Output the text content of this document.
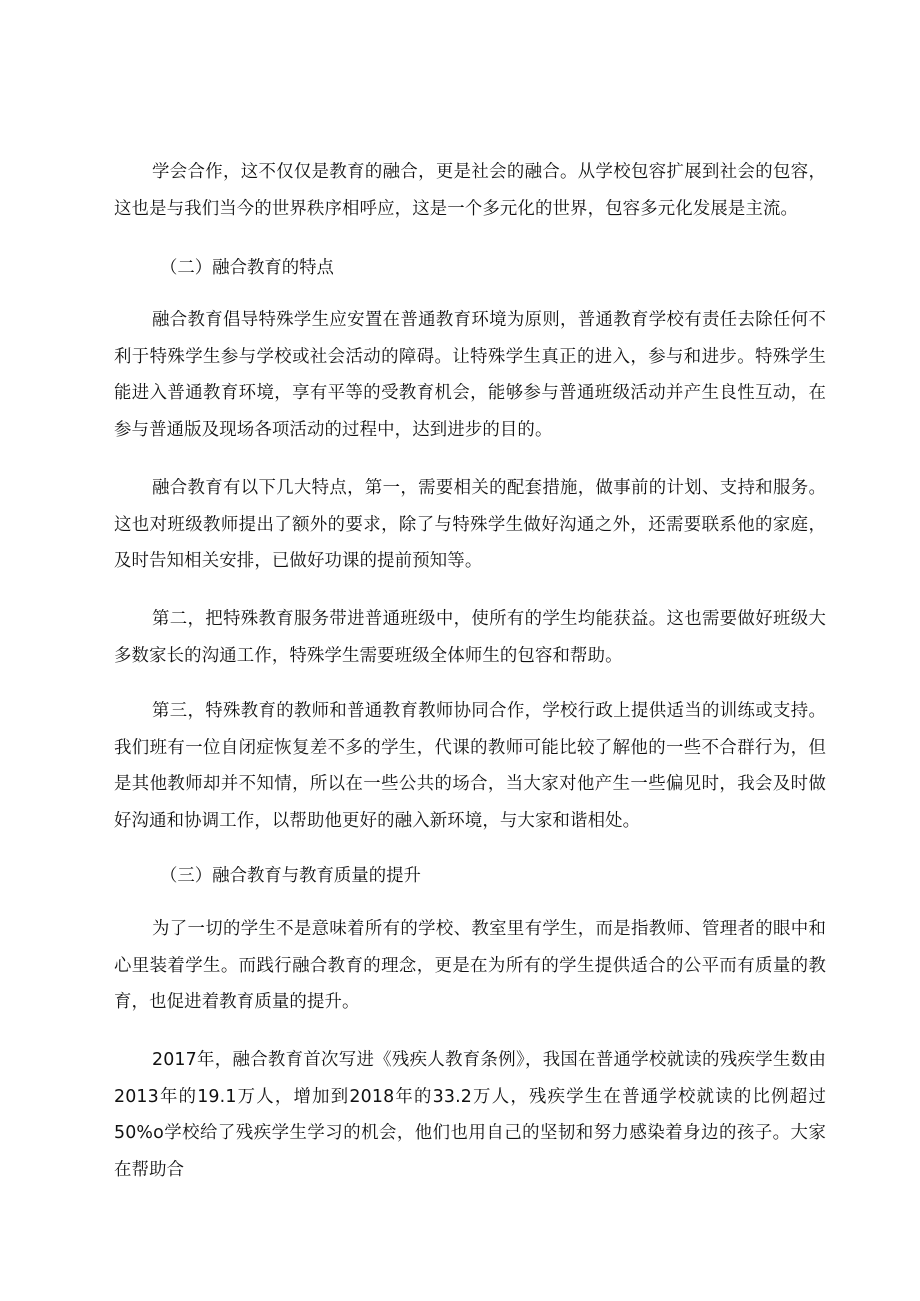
学会合作，这不仅仅是教育的融合，更是社会的融合。从学校包容扩展到社会的包容，这也是与我们当今的世界秩序相呼应，这是一个多元化的世界，包容多元化发展是主流。

（二）融合教育的特点

融合教育倡导特殊学生应安置在普通教育环境为原则，普通教育学校有责任去除任何不利于特殊学生参与学校或社会活动的障碍。让特殊学生真正的进入，参与和进步。特殊学生能进入普通教育环境，享有平等的受教育机会，能够参与普通班级活动并产生良性互动，在参与普通版及现场各项活动的过程中，达到进步的目的。

融合教育有以下几大特点，第一，需要相关的配套措施，做事前的计划、支持和服务。这也对班级教师提出了额外的要求，除了与特殊学生做好沟通之外，还需要联系他的家庭，及时告知相关安排，已做好功课的提前预知等。

第二，把特殊教育服务带进普通班级中，使所有的学生均能获益。这也需要做好班级大多数家长的沟通工作，特殊学生需要班级全体师生的包容和帮助。

第三，特殊教育的教师和普通教育教师协同合作，学校行政上提供适当的训练或支持。我们班有一位自闭症恢复差不多的学生，代课的教师可能比较了解他的一些不合群行为，但是其他教师却并不知情，所以在一些公共的场合，当大家对他产生一些偏见时，我会及时做好沟通和协调工作，以帮助他更好的融入新环境，与大家和谐相处。

（三）融合教育与教育质量的提升

为了一切的学生不是意味着所有的学校、教室里有学生，而是指教师、管理者的眼中和心里装着学生。而践行融合教育的理念，更是在为所有的学生提供适合的公平而有质量的教育，也促进着教育质量的提升。

2017年，融合教育首次写进《残疾人教育条例》，我国在普通学校就读的残疾学生数由2013年的19.1万人，增加到2018年的33.2万人，残疾学生在普通学校就读的比例超过50%o学校给了残疾学生学习的机会，他们也用自己的坚韧和努力感染着身边的孩子。大家在帮助合
